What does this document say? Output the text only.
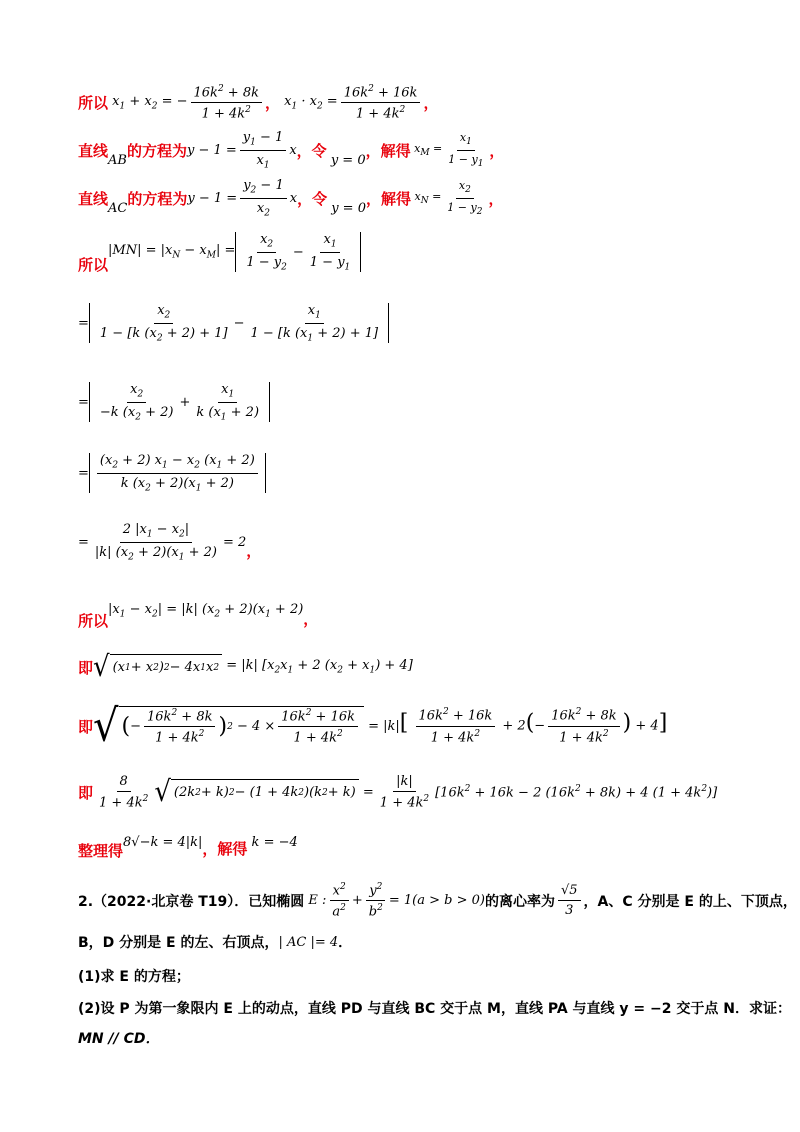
所以 $x_1 + x_2$ = − $\frac{16k^2 + 8k}{1 + 4k^2}$ ， $x_1 \cdot x_2 = \frac{16k^2 + 16k}{1 + 4k^2}$ ，
直线
AB
的方程为 $y - 1 = \frac{y_1 - 1}{x_1}$ x ，令
y = 0
，解得 $x_M = \frac{x_1}{1 - y_1}$ ，
直线
AC
的方程为 $y - 1 = \frac{y_2 - 1}{x_2}$ x ，令
y = 0
，解得 $x_N = \frac{x_2}{1 - y_2}$ ，
所以
$|MN| = |x_N - x_M| = \frac{x_2}{1 - y_2} - \frac{x_1}{1 - y_1}$
= $\frac{x_2}{1 - [k (x_2 + 2) + 1]} - \frac{x_1}{1 - [k (x_1 + 2) + 1]}$
= $\frac{x_2}{-k (x_2 + 2)} + \frac{x_1}{k (x_1 + 2)}$
= $\frac{(x_2 + 2) x_1 - x_2 (x_1 + 2)}{k (x_2 + 2)(x_1 + 2)}$
= $\frac{2 |x_1 - x_2|}{|k| (x_2 + 2)(x_1 + 2)} = 2$ ，
所以
$|x_1 - x_2| = |k|$ $(x_2 + 2)(x_1 + 2)$
，
即 √ (x 1 + x 2 ) 2 − 4x 1 x 2 = |k| [$x_2x_1 + 2$ $(x_2 + x_1) + 4$]
即 √ ( − $\frac{16k^2 + 8k}{1 + 4k^2}$ ) $2 - 4 \times \frac{16k^2 + 16k}{1 + 4k^2} = |k|$ [ $\frac{16k^2 + 16k}{1 + 4k^2} + 2(- \frac{16k^2 + 8k}{1 + 4k^2}$ ) + 4]
即 $\frac{8}{1 + 4k^2}$ √ (2k 2 + k) 2 − (1 + 4k 2 )(k $2 + k) = \frac{|k|}{1 + 4k^2} [16k^2 + 16k - 2$ $(16k^2 + 8k) + 4$ $(1 + 4k^2)$]
整理得 8√−k = 4|k| ，解得 k = −4
2.（2022·北京卷 T19）．已知椭圆 E : $\frac{x^2}{a^2} + \frac{y^2}{b^2} = 1(a > b > 0)$ 的离心率为 $\frac{√5}{3}$ ，A、C 分别是 E 的上、下顶点，
B，D 分别是 E 的左、右顶点， | AC |= 4 ．
(1)求 E 的方程；
(2)设 P 为第一象限内 E 上的动点，直线 PD 与直线 BC 交于点 M，直线 PA 与直线 y = −2 交于点 N．求证：
MN // CD．
